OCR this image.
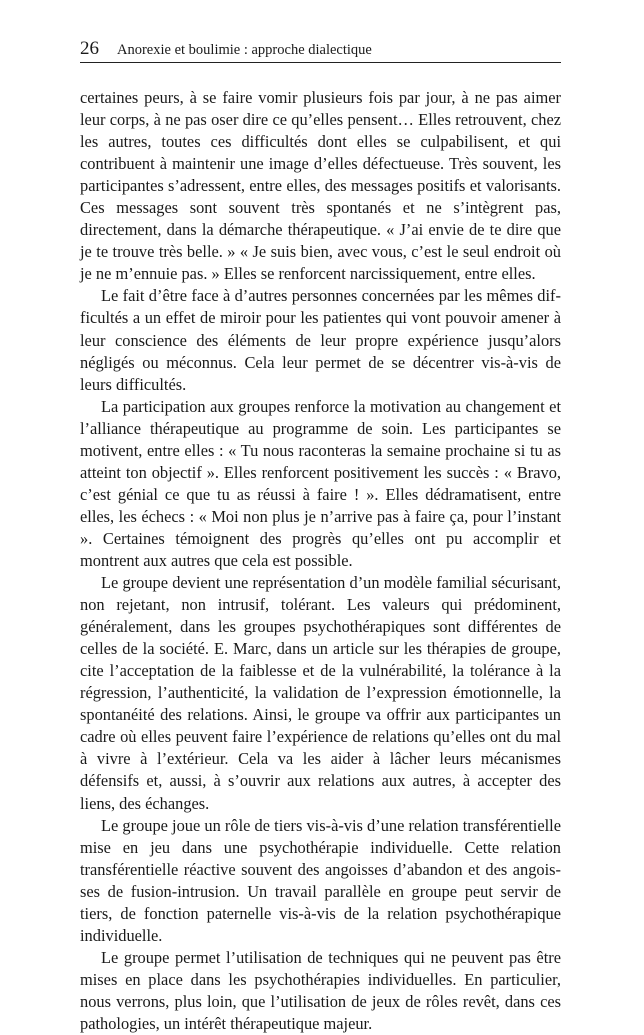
26 Anorexie et boulimie : approche dialectique

certaines peurs, à se faire vomir plusieurs fois par jour, à ne pas aimer leur corps, à ne pas oser dire ce qu’elles pensent… Elles retrouvent, chez les autres, toutes ces difficultés dont elles se culpabilisent, et qui contribuent à maintenir une image d’elles défectueuse. Très souvent, les participantes s’adressent, entre elles, des messages positifs et valorisants. Ces messages sont souvent très spontanés et ne s’intègrent pas, directement, dans la démarche thérapeutique. « J’ai envie de te dire que je te trouve très belle. » « Je suis bien, avec vous, c’est le seul endroit où je ne m’ennuie pas. » Elles se renforcent narcissiquement, entre elles.

Le fait d’être face à d’autres personnes concernées par les mêmes difficultés a un effet de miroir pour les patientes qui vont pouvoir amener à leur conscience des éléments de leur propre expérience jusqu’alors négligés ou méconnus. Cela leur permet de se décentrer vis-à-vis de leurs difficultés.

La participation aux groupes renforce la motivation au changement et l’alliance thérapeutique au programme de soin. Les participantes se motivent, entre elles : « Tu nous raconteras la semaine prochaine si tu as atteint ton objectif ». Elles renforcent positivement les succès : « Bravo, c’est génial ce que tu as réussi à faire ! ». Elles dédramatisent, entre elles, les échecs : « Moi non plus je n’arrive pas à faire ça, pour l’instant ». Certaines témoignent des progrès qu’elles ont pu accomplir et montrent aux autres que cela est possible.

Le groupe devient une représentation d’un modèle familial sécurisant, non rejetant, non intrusif, tolérant. Les valeurs qui prédominent, généralement, dans les groupes psychothérapiques sont différentes de celles de la société. E. Marc, dans un article sur les thérapies de groupe, cite l’acceptation de la faiblesse et de la vulnérabilité, la tolérance à la régression, l’authenticité, la validation de l’expression émotionnelle, la spontanéité des relations. Ainsi, le groupe va offrir aux participantes un cadre où elles peuvent faire l’expérience de relations qu’elles ont du mal à vivre à l’extérieur. Cela va les aider à lâcher leurs mécanismes défensifs et, aussi, à s’ouvrir aux relations aux autres, à accepter des liens, des échanges.

Le groupe joue un rôle de tiers vis-à-vis d’une relation transférentielle mise en jeu dans une psychothérapie individuelle. Cette relation transférentielle réactive souvent des angoisses d’abandon et des angoisses de fusion-intrusion. Un travail parallèle en groupe peut servir de tiers, de fonction paternelle vis-à-vis de la relation psychothérapique individuelle.

Le groupe permet l’utilisation de techniques qui ne peuvent pas être mises en place dans les psychothérapies individuelles. En particulier, nous verrons, plus loin, que l’utilisation de jeux de rôles revêt, dans ces pathologies, un intérêt thérapeutique majeur.
